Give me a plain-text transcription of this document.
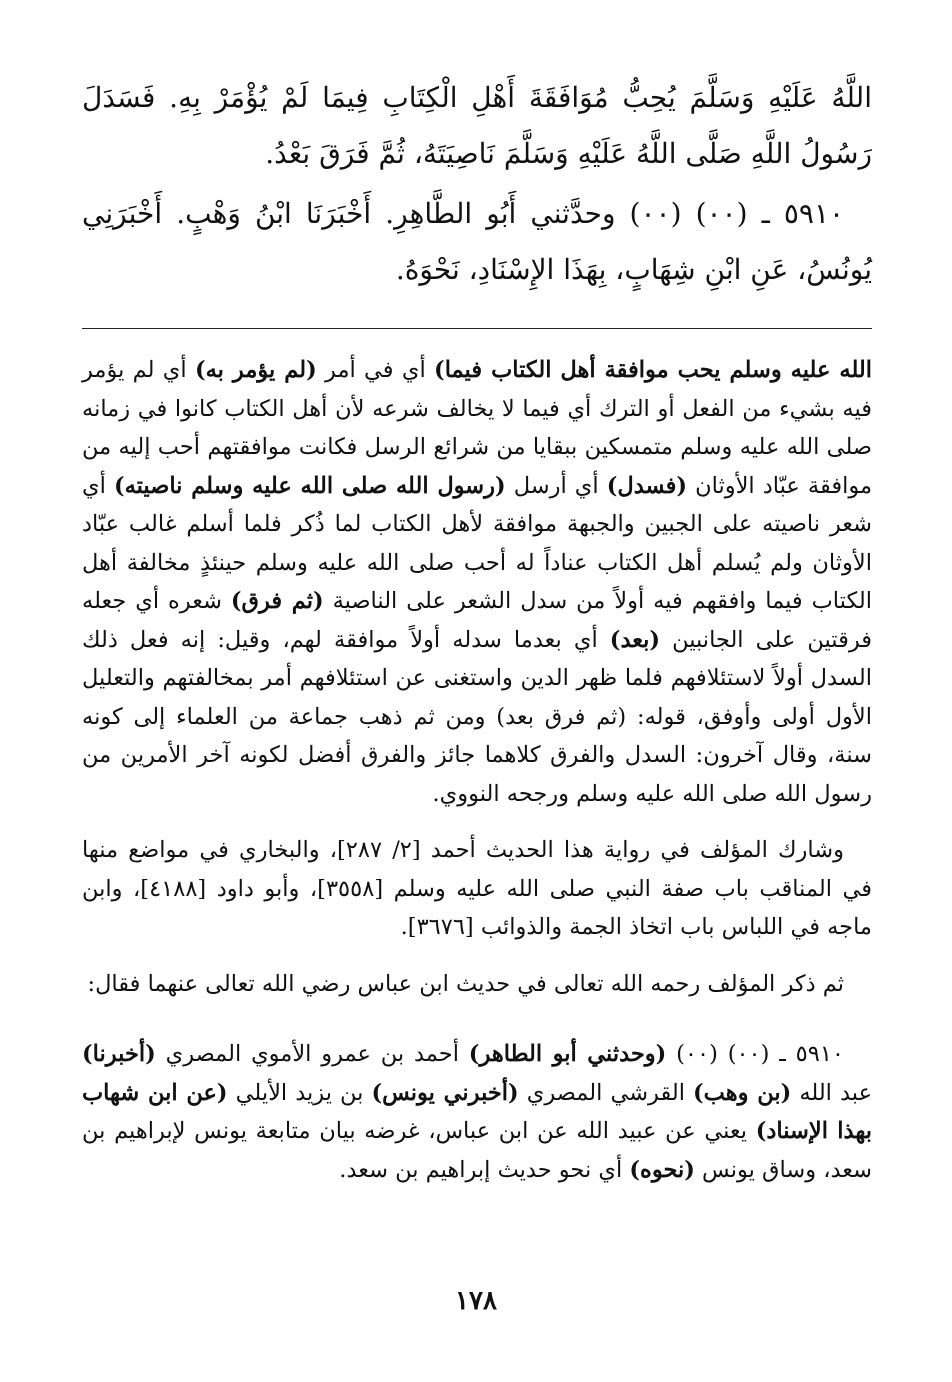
اللَّهُ عَلَيْهِ وَسَلَّمَ يُحِبُّ مُوَافَقَةَ أَهْلِ الْكِتَابِ فِيمَا لَمْ يُؤْمَرْ بِهِ. فَسَدَلَ رَسُولُ اللَّهِ صَلَّى اللَّهُ عَلَيْهِ وَسَلَّمَ نَاصِيَتَهُ، ثُمَّ فَرَقَ بَعْدُ.

٥٩١٠ ـ (٠٠) (٠٠) وحدَّثني أَبُو الطَّاهِرِ. أَخْبَرَنَا ابْنُ وَهْبٍ. أَخْبَرَنِي يُونُسُ، عَنِ ابْنِ شِهَابٍ، بِهَذَا الإِسْنَادِ، نَحْوَهُ.

الله عليه وسلم يحب موافقة أهل الكتاب فيما) أي في أمر (لم يؤمر به) أي لم يؤمر فيه بشيء من الفعل أو الترك أي فيما لا يخالف شرعه لأن أهل الكتاب كانوا في زمانه صلى الله عليه وسلم متمسكين ببقايا من شرائع الرسل فكانت موافقتهم أحب إليه من موافقة عبّاد الأوثان (فسدل) أي أرسل (رسول الله صلى الله عليه وسلم ناصيته) أي شعر ناصيته على الجبين والجبهة موافقة لأهل الكتاب لما ذُكر فلما أسلم غالب عبّاد الأوثان ولم يُسلم أهل الكتاب عناداً له أحب صلى الله عليه وسلم حينئذٍ مخالفة أهل الكتاب فيما وافقهم فيه أولاً من سدل الشعر على الناصية (ثم فرق) شعره أي جعله فرقتين على الجانبين (بعد) أي بعدما سدله أولاً موافقة لهم، وقيل: إنه فعل ذلك السدل أولاً لاستئلافهم فلما ظهر الدين واستغنى عن استئلافهم أمر بمخالفتهم والتعليل الأول أولى وأوفق، قوله: (ثم فرق بعد) ومن ثم ذهب جماعة من العلماء إلى كونه سنة، وقال آخرون: السدل والفرق كلاهما جائز والفرق أفضل لكونه آخر الأمرين من رسول الله صلى الله عليه وسلم ورجحه النووي.

وشارك المؤلف في رواية هذا الحديث أحمد [٢/ ٢٨٧]، والبخاري في مواضع منها في المناقب باب صفة النبي صلى الله عليه وسلم [٣٥٥٨]، وأبو داود [٤١٨٨]، وابن ماجه في اللباس باب اتخاذ الجمة والذوائب [٣٦٧٦].

ثم ذكر المؤلف رحمه الله تعالى في حديث ابن عباس رضي الله تعالى عنهما فقال:

٥٩١٠ ـ (٠٠) (٠٠) (وحدثني أبو الطاهر) أحمد بن عمرو الأموي المصري (أخبرنا) عبد الله (بن وهب) القرشي المصري (أخبرني يونس) بن يزيد الأيلي (عن ابن شهاب بهذا الإسناد) يعني عن عبيد الله عن ابن عباس، غرضه بيان متابعة يونس لإبراهيم بن سعد، وساق يونس (نحوه) أي نحو حديث إبراهيم بن سعد.

١٧٨
